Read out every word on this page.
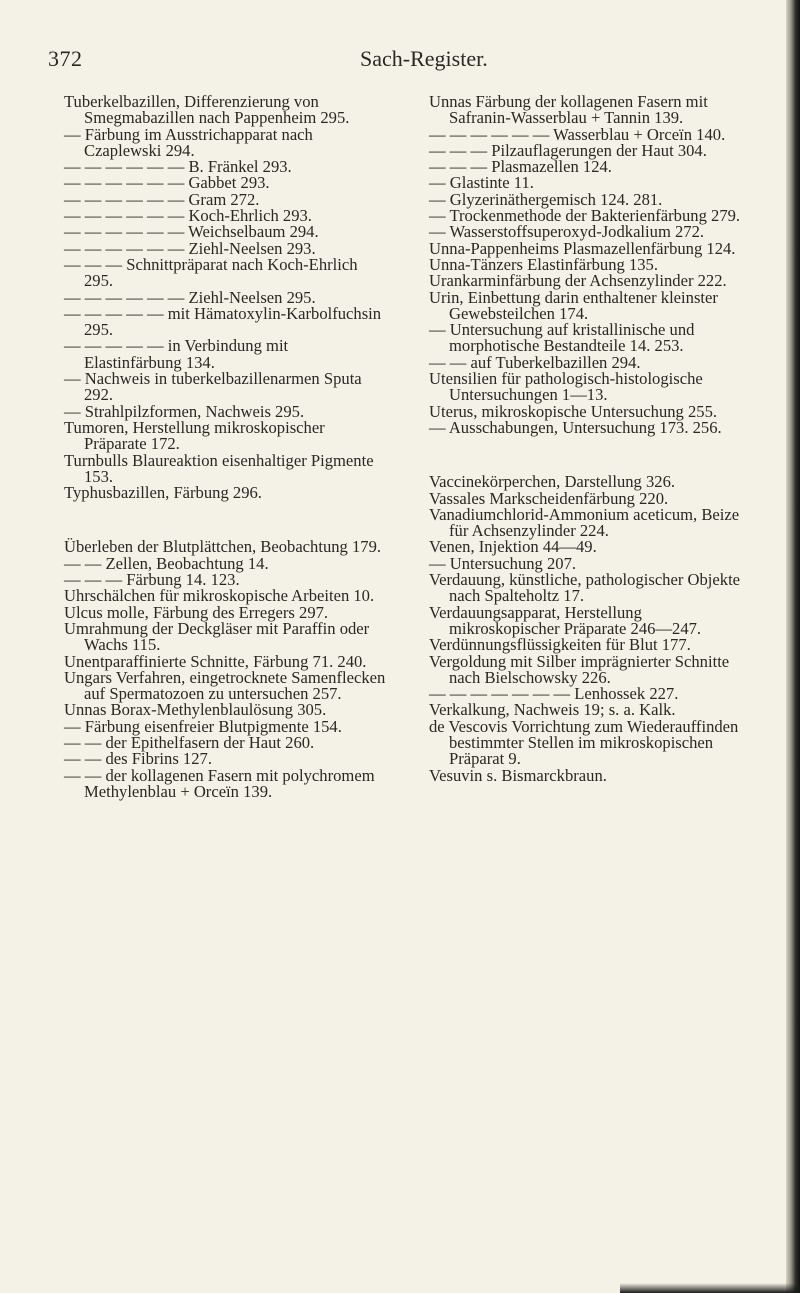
372	Sach-Register.

Tuberkelbazillen, Differenzierung von Smegmabazillen nach Pappenheim 295.

— Färbung im Ausstrichapparat nach Czaplewski 294.

— — — — — — B. Fränkel 293.

— — — — — — Gabbet 293.

— — — — — — Gram 272.

— — — — — — Koch-Ehrlich 293.

— — — — — — Weichselbaum 294.

— — — — — — Ziehl-Neelsen 293.

— — — Schnittpräparat nach Koch-Ehrlich 295.

— — — — — — Ziehl-Neelsen 295.

— — — — — mit Hämatoxylin-Karbolfuchsin 295.

— — — — — in Verbindung mit Elastinfärbung 134.

— Nachweis in tuberkelbazillenarmen Sputa 292.

— Strahlpilzformen, Nachweis 295.

Tumoren, Herstellung mikroskopischer Präparate 172.

Turnbulls Blaureaktion eisenhaltiger Pigmente 153.

Typhusbazillen, Färbung 296.

Überleben der Blutplättchen, Beobachtung 179.

— — Zellen, Beobachtung 14.

— — — Färbung 14. 123.

Uhrschälchen für mikroskopische Arbeiten 10.

Ulcus molle, Färbung des Erregers 297.

Umrahmung der Deckgläser mit Paraffin oder Wachs 115.

Unentparaffinierte Schnitte, Färbung 71. 240.

Ungars Verfahren, eingetrocknete Samenflecken auf Spermatozoen zu untersuchen 257.

Unnas Borax-Methylenblaulösung 305.

— Färbung eisenfreier Blutpigmente 154.

— — der Epithelfasern der Haut 260.

— — des Fibrins 127.

— — der kollagenen Fasern mit polychromem Methylenblau + Orceïn 139.

Unnas Färbung der kollagenen Fasern mit Safranin-Wasserblau + Tannin 139.

— — — — — — Wasserblau + Orceïn 140.

— — — Pilzauflagerungen der Haut 304.

— — — Plasmazellen 124.

— Glastinte 11.

— Glyzerinäthergemisch 124. 281.

— Trockenmethode der Bakterienfärbung 279.

— Wasserstoffsuperoxyd-Jodkalium 272.

Unna-Pappenheims Plasmazellenfärbung 124.

Unna-Tänzers Elastinfärbung 135.

Urankarminfärbung der Achsenzylinder 222.

Urin, Einbettung darin enthaltener kleinster Gewebsteilchen 174.

— Untersuchung auf kristallinische und morphotische Bestandteile 14. 253.

— — auf Tuberkelbazillen 294.

Utensilien für pathologisch-histologische Untersuchungen 1—13.

Uterus, mikroskopische Untersuchung 255.

— Ausschabungen, Untersuchung 173. 256.

Vaccinekörperchen, Darstellung 326.

Vassales Markscheidenfärbung 220.

Vanadiumchlorid-Ammonium aceticum, Beize für Achsenzylinder 224.

Venen, Injektion 44—49.

— Untersuchung 207.

Verdauung, künstliche, pathologischer Objekte nach Spalteholtz 17.

Verdauungsapparat, Herstellung mikroskopischer Präparate 246—247.

Verdünnungsflüssigkeiten für Blut 177.

Vergoldung mit Silber imprägnierter Schnitte nach Bielschowsky 226.

— — — — — — — Lenhossek 227.

Verkalkung, Nachweis 19; s. a. Kalk.

de Vescovis Vorrichtung zum Wiederauffinden bestimmter Stellen im mikroskopischen Präparat 9.

Vesuvin s. Bismarckbraun.
